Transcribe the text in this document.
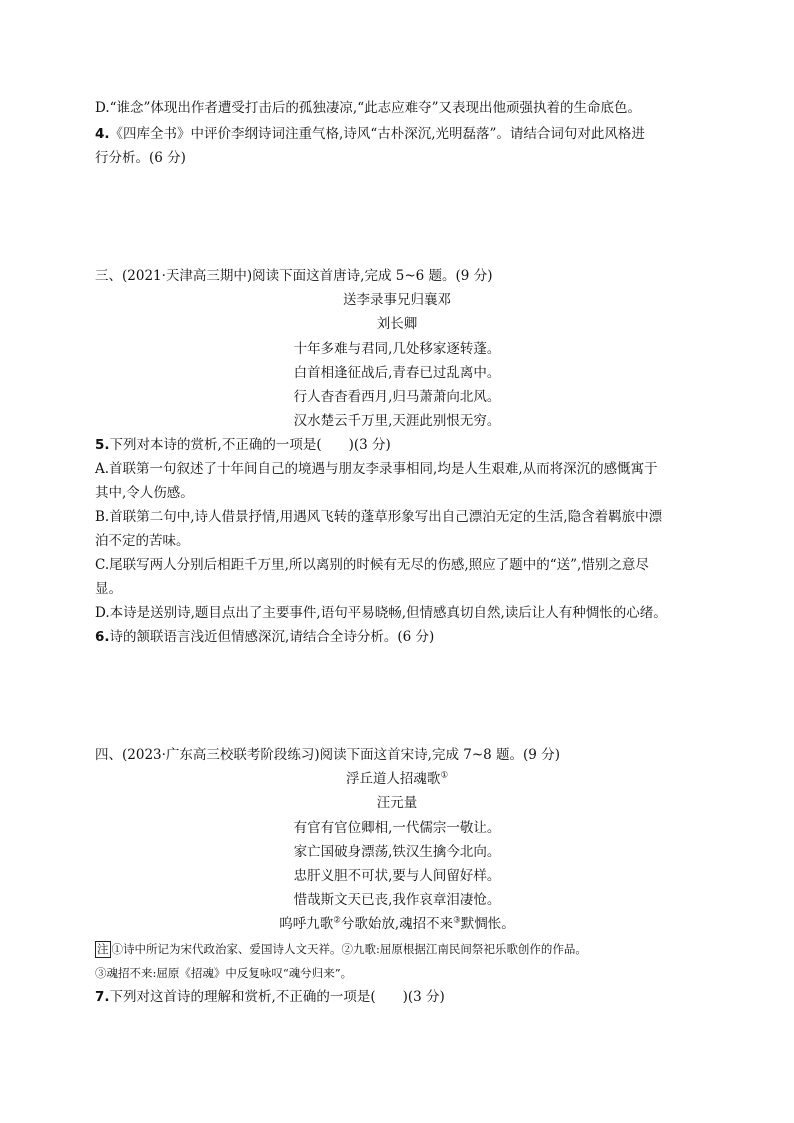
D.“谁念”体现出作者遭受打击后的孤独凄凉,“此志应难夺”又表现出他顽强执着的生命底色。
4.《四库全书》中评价李纲诗词注重气格,诗风“古朴深沉,光明磊落”。请结合词句对此风格进
行分析。(6 分)
三、(2021·天津高三期中)阅读下面这首唐诗,完成 5~6 题。(9 分)
送李录事兄归襄邓
刘长卿
十年多难与君同,几处移家逐转蓬。
白首相逢征战后,青春已过乱离中。
行人杳杳看西月,归马萧萧向北风。
汉水楚云千万里,天涯此别恨无穷。
5.下列对本诗的赏析,不正确的一项是(　　)(3 分)
A.首联第一句叙述了十年间自己的境遇与朋友李录事相同,均是人生艰难,从而将深沉的感慨寓于
其中,令人伤感。
B.首联第二句中,诗人借景抒情,用遇风飞转的蓬草形象写出自己漂泊无定的生活,隐含着羁旅中漂
泊不定的苦味。
C.尾联写两人分别后相距千万里,所以离别的时候有无尽的伤感,照应了题中的“送”,惜别之意尽
显。
D.本诗是送别诗,题目点出了主要事件,语句平易晓畅,但情感真切自然,读后让人有种惆怅的心绪。
6.诗的颔联语言浅近但情感深沉,请结合全诗分析。(6 分)
四、(2023·广东高三校联考阶段练习)阅读下面这首宋诗,完成 7~8 题。(9 分)
浮丘道人招魂歌①
汪元量
有官有官位卿相,一代儒宗一敬让。
家亡国破身漂荡,铁汉生擒今北向。
忠肝义胆不可状,要与人间留好样。
惜哉斯文天已丧,我作哀章泪凄怆。
呜呼九歌②兮歌始放,魂招不来③默惆怅。
注 ①诗中所记为宋代政治家、爱国诗人文天祥。②九歌:屈原根据江南民间祭祀乐歌创作的作品。
③魂招不来:屈原《招魂》中反复咏叹“魂兮归来”。
7.下列对这首诗的理解和赏析,不正确的一项是(　　)(3 分)
